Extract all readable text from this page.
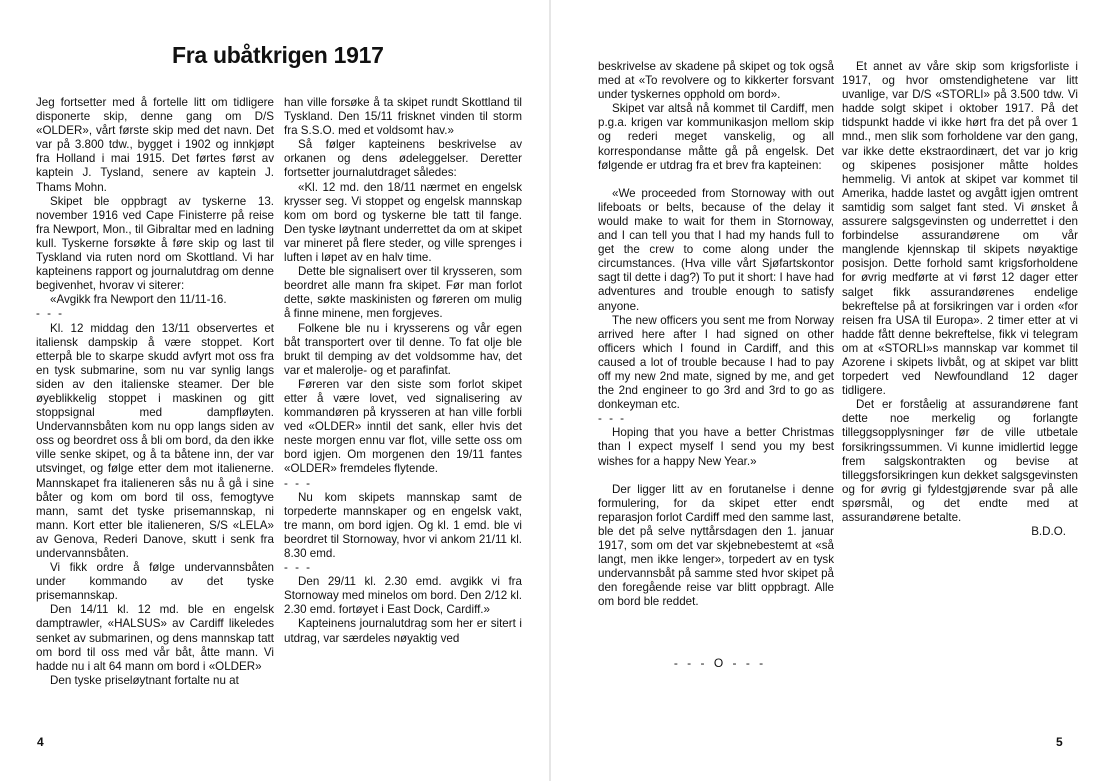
Fra ubåtkrigen 1917

Jeg fortsetter med å fortelle litt om tidligere disponerte skip, denne gang om D/S «OLDER», vårt første skip med det navn. Det var på 3.800 tdw., bygget i 1902 og innkjøpt fra Holland i mai 1915. Det førtes først av kaptein J. Tysland, senere av kaptein J. Thams Mohn.

Skipet ble oppbragt av tyskerne 13. november 1916 ved Cape Finisterre på reise fra Newport, Mon., til Gibraltar med en ladning kull. Tyskerne forsøkte å føre skip og last til Tyskland via ruten nord om Skottland. Vi har kapteinens rapport og journalutdrag om denne begivenhet, hvorav vi siterer:

«Avgikk fra Newport den 11/11-16.

- - -

Kl. 12 middag den 13/11 observertes et italiensk dampskip å være stoppet. Kort etterpå ble to skarpe skudd avfyrt mot oss fra en tysk submarine, som nu var synlig langs siden av den italienske steamer. Der ble øyeblikkelig stoppet i maskinen og gitt stoppsignal med dampfløyten. Undervannsbåten kom nu opp langs siden av oss og beordret oss å bli om bord, da den ikke ville senke skipet, og å ta båtene inn, der var utsvinget, og følge etter dem mot italienerne. Mannskapet fra italieneren sås nu å gå i sine båter og kom om bord til oss, femogtyve mann, samt det tyske prisemannskap, ni mann. Kort etter ble italieneren, S/S «LELA» av Genova, Rederi Danove, skutt i senk fra undervannsbåten.

Vi fikk ordre å følge undervannsbåten under kommando av det tyske prisemannskap.

Den 14/11 kl. 12 md. ble en engelsk damptrawler, «HALSUS» av Cardiff likeledes senket av submarinen, og dens mannskap tatt om bord til oss med vår båt, åtte mann. Vi hadde nu i alt 64 mann om bord i «OLDER»

Den tyske priseløytnant fortalte nu at

han ville forsøke å ta skipet rundt Skottland til Tyskland. Den 15/11 frisknet vinden til storm fra S.S.O. med et voldsomt hav.»

Så følger kapteinens beskrivelse av orkanen og dens ødeleggelser. Deretter fortsetter journalutdraget således:

«Kl. 12 md. den 18/11 nærmet en engelsk krysser seg. Vi stoppet og engelsk mannskap kom om bord og tyskerne ble tatt til fange. Den tyske løytnant underrettet da om at skipet var mineret på flere steder, og ville sprenges i luften i løpet av en halv time.

Dette ble signalisert over til krysseren, som beordret alle mann fra skipet. Før man forlot dette, søkte maskinisten og føreren om mulig å finne minene, men forgjeves.

Folkene ble nu i krysserens og vår egen båt transportert over til denne. To fat olje ble brukt til demping av det voldsomme hav, det var et malerolje- og et parafinfat.

Føreren var den siste som forlot skipet etter å være lovet, ved signalisering av kommandøren på krysseren at han ville forbli ved «OLDER» inntil det sank, eller hvis det neste morgen ennu var flot, ville sette oss om bord igjen. Om morgenen den 19/11 fantes «OLDER» fremdeles flytende.

- - -

Nu kom skipets mannskap samt de torpederte mannskaper og en engelsk vakt, tre mann, om bord igjen. Og kl. 1 emd. ble vi beordret til Stornoway, hvor vi ankom 21/11 kl. 8.30 emd.

- - -

Den 29/11 kl. 2.30 emd. avgikk vi fra Stornoway med minelos om bord. Den 2/12 kl. 2.30 emd. fortøyet i East Dock, Cardiff.»

Kapteinens journalutdrag som her er sitert i utdrag, var særdeles nøyaktig ved

beskrivelse av skadene på skipet og tok også med at «To revolvere og to kikkerter forsvant under tyskernes opphold om bord».

Skipet var altså nå kommet til Cardiff, men p.g.a. krigen var kommunikasjon mellom skip og rederi meget vanskelig, og all korrespondanse måtte gå på engelsk. Det følgende er utdrag fra et brev fra kapteinen:

«We proceeded from Stornoway with out lifeboats or belts, because of the delay it would make to wait for them in Stornoway, and I can tell you that I had my hands full to get the crew to come along under the circumstances. (Hva ville vårt Sjøfartskontor sagt til dette i dag?) To put it short: I have had adventures and trouble enough to satisfy anyone.

The new officers you sent me from Norway arrived here after I had signed on other officers which I found in Cardiff, and this caused a lot of trouble because I had to pay off my new 2nd mate, signed by me, and get the 2nd engineer to go 3rd and 3rd to go as donkeyman etc.

- - -

Hoping that you have a better Christmas than I expect myself I send you my best wishes for a happy New Year.»

Der ligger litt av en forutanelse i denne formulering, for da skipet etter endt reparasjon forlot Cardiff med den samme last, ble det på selve nyttårsdagen den 1. januar 1917, som om det var skjebnebestemt at «så langt, men ikke lenger», torpedert av en tysk undervannsbåt på samme sted hvor skipet på den foregående reise var blitt oppbragt. Alle om bord ble reddet.

Et annet av våre skip som krigsforliste i 1917, og hvor omstendighetene var litt uvanlige, var D/S «STORLI» på 3.500 tdw. Vi hadde solgt skipet i oktober 1917. På det tidspunkt hadde vi ikke hørt fra det på over 1 mnd., men slik som forholdene var den gang, var ikke dette ekstraordinært, det var jo krig og skipenes posisjoner måtte holdes hemmelig. Vi antok at skipet var kommet til Amerika, hadde lastet og avgått igjen omtrent samtidig som salget fant sted. Vi ønsket å assurere salgsgevinsten og underrettet i den forbindelse assurandørene om vår manglende kjennskap til skipets nøyaktige posisjon. Dette forhold samt krigsforholdene for øvrig medførte at vi først 12 dager etter salget fikk assurandørenes endelige bekreftelse på at forsikringen var i orden «for reisen fra USA til Europa». 2 timer etter at vi hadde fått denne bekreftelse, fikk vi telegram om at «STORLI»s mannskap var kommet til Azorene i skipets livbåt, og at skipet var blitt torpedert ved Newfoundland 12 dager tidligere.

Det er forståelig at assurandørene fant dette noe merkelig og forlangte tilleggsopplysninger før de ville utbetale forsikringssummen. Vi kunne imidlertid legge frem salgskontrakten og bevise at tilleggsforsikringen kun dekket salgsgevinsten og for øvrig gi fyldestgjørende svar på alle spørsmål, og det endte med at assurandørene betalte.

B.D.O.

- - - O - - -
4	5
